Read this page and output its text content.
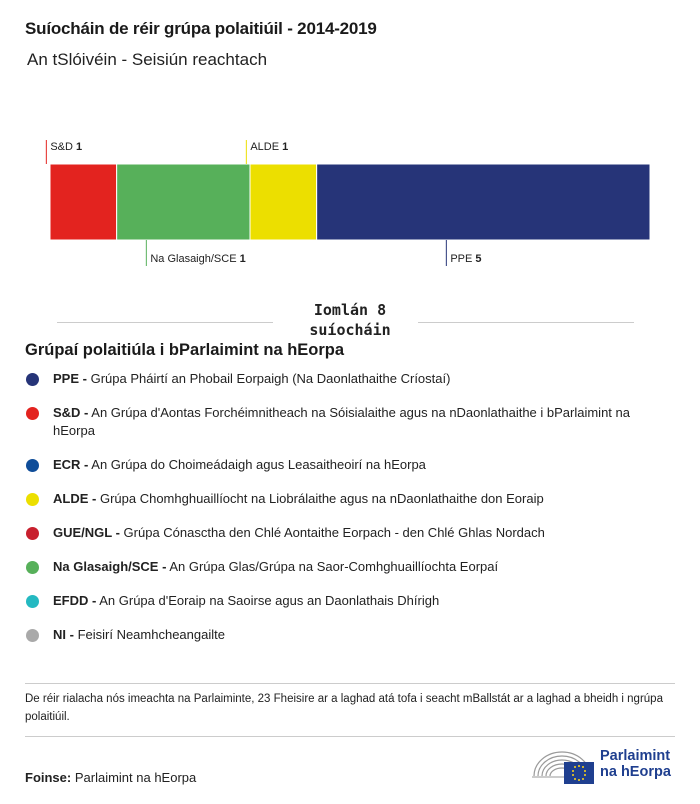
Suíocháin de réir grúpa polaitiúil - 2014-2019
An tSlóivéin - Seisiún reachtach
S&D 1
Na Glasaigh/SCE 1
ALDE 1
PPE 5
Iomlán 8
suíocháin
Grúpaí polaitiúla i bParlaimint na hEorpa
PPE - Grúpa Pháirtí an Phobail Eorpaigh (Na Daonlathaithe Críostaí)
S&D - An Grúpa d'Aontas Forchéimnitheach na Sóisialaithe agus na nDaonlathaithe i bParlaimint na hEorpa
ECR - An Grúpa do Choimeádaigh agus Leasaitheoirí na hEorpa
ALDE - Grúpa Chomhghuaillíocht na Liobrálaithe agus na nDaonlathaithe don Eoraip
GUE/NGL - Grúpa Cónasctha den Chlé Aontaithe Eorpach - den Chlé Ghlas Nordach
Na Glasaigh/SCE - An Grúpa Glas/Grúpa na Saor-Comhghuaillíochta Eorpaí
EFDD - An Grúpa d'Eoraip na Saoirse agus an Daonlathais Dhírigh
NI - Feisirí Neamhcheangailte
De réir rialacha nós imeachta na Parlaiminte, 23 Fheisire ar a laghad atá tofa i seacht mBallstát ar a laghad a bheidh i ngrúpa polaitiúil.
Foinse: Parlaimint na hEorpa
Parlaimint
na hEorpa
